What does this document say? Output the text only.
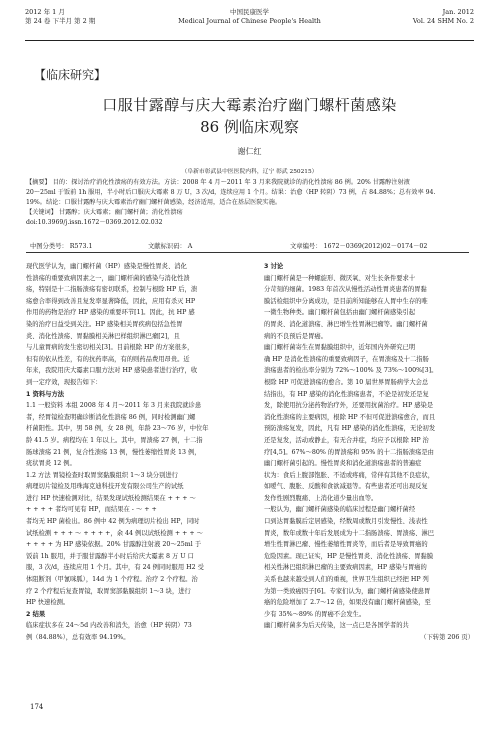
2012 年 1 月
第 24 卷 下半月 第 2 期
中国民康医学
Medical Journal of Chinese People's Health
Jan. 2012
Vol. 24 SHM No. 2
【临床研究】
口服甘露醇与庆大霉素治疗幽门螺杆菌感染
86 例临床观察
谢仁红
（阜新市彰武县中医医院内科，辽宁 彰武 250215）
【摘要】 目的：探讨治疗消化性溃疡的有效方法。方法：2008 年 4 月～2011 年 3 月来我院就诊的消化性溃疡 86 例。20% 甘露醇注射液
20～25ml 于饭前 1h 服用，半小时后口服庆大霉素 8 万 U，3 次/d，连续应用 1 个月。结果：治愈（HP 转阴）73 例，占 84.88%；总有效率 94.
19%。结论：口服甘露醇与庆大霉素治疗幽门螺杆菌感染，经济适用，适合在基层医院实施。
【关键词】 甘露醇；庆大霉素；幽门螺杆菌；消化性溃疡
doi:10.3969/j.issn.1672－0369.2012.02.032
中图分类号： R573.1	文献标识码： A	文章编号： 1672－0369(2012)02－0174－02
现代医学认为，幽门螺杆菌（HP）感染是慢性胃炎、消化
性溃疡的重要致病因素之一，幽门螺杆菌的感染与消化性溃
疡，特别是十二指肠溃疡有密切联系，控制与根除 HP 后，溃
疡愈合率得到改善且复发率显著降低，因此，应用有杀灭 HP
作用的药物是治疗 HP 感染的重要环节[1]。因此，抗 HP 感
染的治疗日益受到关注。HP 感染相关胃疾病包括急性胃
炎、消化性溃疡、胃黏膜相关淋巴样组织淋巴瘤[2]，且
与儿童胃病的发生密切相关[3]。目前根除 HP 的方案很多，
但有的依从性差，有的抗药率高，有的则药品费用昂贵。近
年来，我院用庆大霉素口服方法对 HP 感染患者进行治疗，收
到一定疗效，现报告如下：
1 资料与方法
1.1 一般资料 本组 2008 年 4 月～2011 年 3 月来我院就诊患
者，经胃镜检查明确诊断消化性溃疡 86 例，同时检测幽门螺
杆菌阳性。其中，男 58 例，女 28 例，年龄 23～76 岁，中位年
龄 41.5 岁。病程均在 1 年以上。其中，胃溃疡 27 例，十二指
肠球溃疡 21 例，复合性溃疡 13 例，慢性萎缩性胃炎 13 例，
疣状胃炎 12 例。
1.2 方法 胃镜检查时取胃窦黏膜组织 1～3 块分别进行
病理切片镜检及用珠海克迪科技开发有限公司生产的试纸
进行 HP 快速检测对比，结果发现试纸检测结果在 + + + ～
+ + + + 者均可见有 HP，而结果在 - ～ + +
者均无 HP 菌检出。86 例中 42 例为病理切片检出 HP，同时
试纸检测 + + + ～ + + + +，余 44 例以试纸检测 + + + ～
+ + + + 为 HP 感染依据。20% 甘露醇注射液 20～25ml 于
饭前 1h 服用，并于服甘露醇半小时后给庆大霉素 8 万 U 口
服，3 次/d，连续应用 1 个月。其中，有 24 例同时服用 H2 受
体阻断剂（甲氰咪胍），14d 为 1 个疗程。治疗 2 个疗程。治
疗 2 个疗程后复查胃镜，取胃窦部黏膜组织 1～3 块，进行
HP 快速检测。
2 结果
临床症状多在 24～5d 内改善和消失，治愈（HP 转阴）73
例（84.88%），总有效率 94.19%。
3 讨论
幽门螺杆菌是一种螺旋形、微厌氧、对生长条件要求十
分苛刻的细菌。1983 年首次从慢性活动性胃炎患者的胃黏
膜活检组织中分离成功，是目前所知能够在人胃中生存的唯
一微生物种类。幽门螺杆菌包括由幽门螺杆菌感染引起
的胃炎、消化道溃疡、淋巴增生性胃淋巴瘤等。幽门螺杆菌
病的不良预后是胃癌。
幽门螺杆菌寄生在胃黏膜组织中，近年国内外研究已明
确 HP 是消化性溃疡的重要致病因子，在胃溃疡及十二指肠
溃疡患者的检出率分别为 72%～100% 及 73%～100%[3]。
根除 HP 可促进溃疡的愈合。第 10 届世界胃肠病学大会总
结指出，有 HP 感染的消化性溃疡患者，不论是初发还是复
发，除使用抗分泌药物治疗外，还要用抗菌治疗。HP 感染是
消化性溃疡的主要病因，根除 HP 不但可促进溃疡愈合，而且
预防溃疡复发，因此，凡有 HP 感染的消化性溃疡，无论初发
还是复发，活动或静止，有无合并症，均应予以根除 HP 治
疗[4,5]。67%～80% 的胃溃疡和 95% 的十二指肠溃疡是由
幽门螺杆菌引起的。慢性胃炎和消化道溃疡患者的普遍症
状为：食后上腹部饱胀、不适或疼痛，常伴有其他不良症状，
如嗳气、腹胀、反酸和食欲减退等。有些患者还可出现反复
发作性剧烈腹痛、上消化道少量出血等。
一般认为，幽门螺杆菌感染的临床过程是幽门螺杆菌经
口到达胃黏膜后定居感染，经数周或数月引发慢性、浅表性
胃炎，数年或数十年后发展成为十二指肠溃疡、胃溃疡、淋巴
增生性胃淋巴瘤、慢性萎缩性胃炎等，而后者是导致胃癌的
危险因素。现已证实，HP 是慢性胃炎、消化性溃疡、胃黏膜
相关性淋巴组织淋巴瘤的主要致病因素，HP 感染与胃癌的
关系也越来越受到人们的重视，世界卫生组织已经把 HP 列
为第一类致癌因子[6]。专家们认为，幽门螺杆菌感染使患胃
癌的危险增加了 2.7～12 倍，如果没有幽门螺杆菌感染，至
少有 35%～89% 的胃癌不会发生。
幽门螺杆菌多为后天传染，这一点已是各国学者的共
（下转第 206 页）
174
